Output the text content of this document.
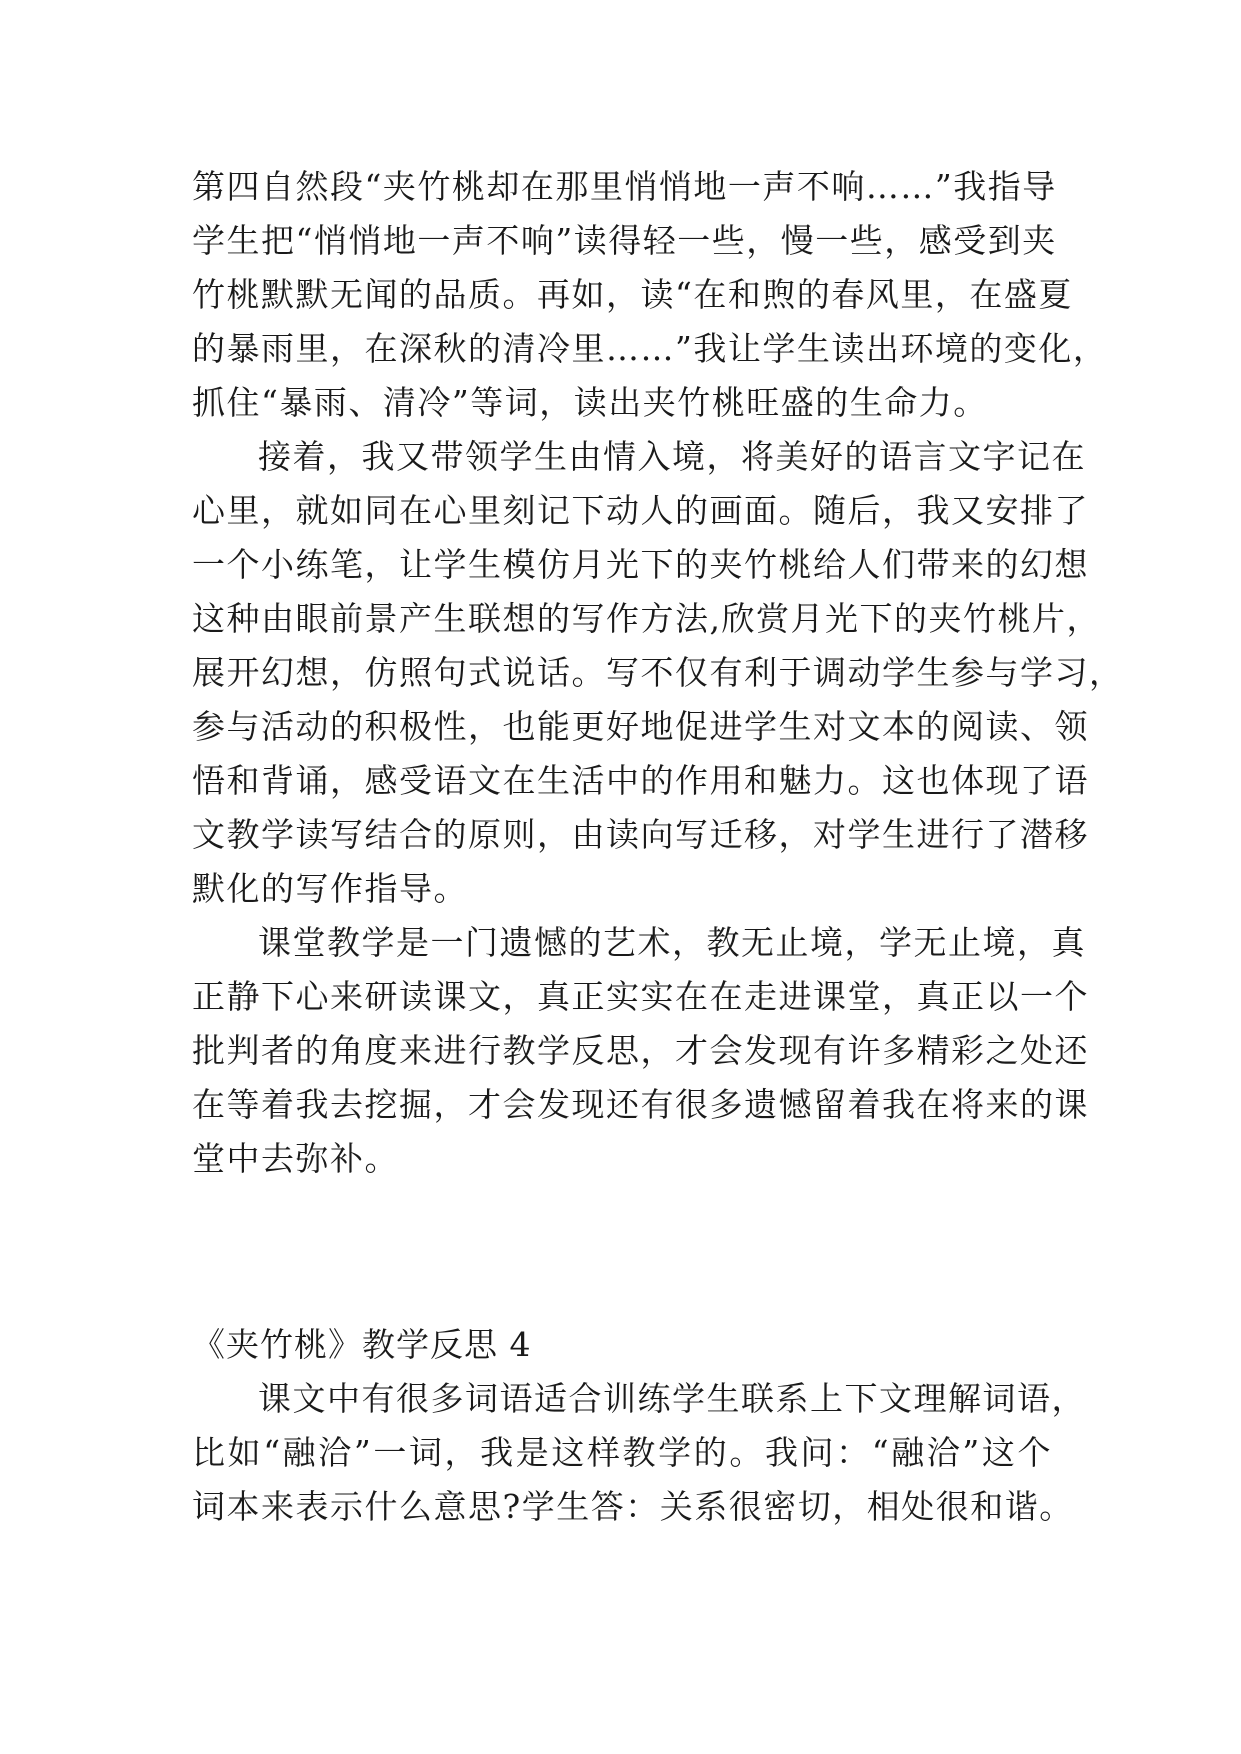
第四自然段“夹竹桃却在那里悄悄地一声不响……”我指导
学生把“悄悄地一声不响”读得轻一些，慢一些，感受到夹
竹桃默默无闻的品质。再如，读“在和煦的春风里，在盛夏
的暴雨里，在深秋的清冷里……”我让学生读出环境的变化，
抓住“暴雨、清冷”等词，读出夹竹桃旺盛的生命力。
接着，我又带领学生由情入境，将美好的语言文字记在
心里，就如同在心里刻记下动人的画面。随后，我又安排了
一个小练笔，让学生模仿月光下的夹竹桃给人们带来的幻想
这种由眼前景产生联想的写作方法,欣赏月光下的夹竹桃片，
展开幻想，仿照句式说话。写不仅有利于调动学生参与学习，
参与活动的积极性，也能更好地促进学生对文本的阅读、领
悟和背诵，感受语文在生活中的作用和魅力。这也体现了语
文教学读写结合的原则，由读向写迁移，对学生进行了潜移
默化的写作指导。
课堂教学是一门遗憾的艺术，教无止境，学无止境，真
正静下心来研读课文，真正实实在在走进课堂，真正以一个
批判者的角度来进行教学反思，才会发现有许多精彩之处还
在等着我去挖掘，才会发现还有很多遗憾留着我在将来的课
堂中去弥补。
《夹竹桃》教学反思 4
课文中有很多词语适合训练学生联系上下文理解词语，
比如“融洽”一词，我是这样教学的。我问：“融洽”这个
词本来表示什么意思?学生答：关系很密切，相处很和谐。
